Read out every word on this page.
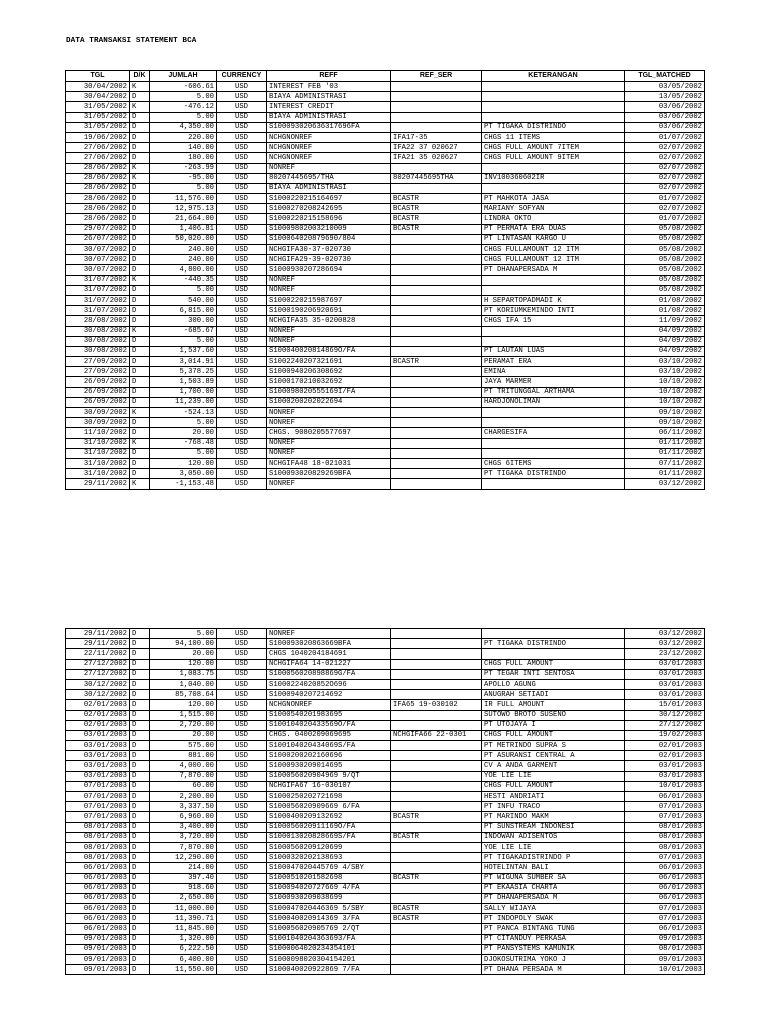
DATA TRANSAKSI STATEMENT BCA
TGL	D/K	JUMLAH	CURRENCY	REFF	REF_SER	KETERANGAN	TGL_MATCHED
30/04/2002	K	-606.61	USD	INTEREST FEB '03			03/05/2002
30/04/2002	D	5.00	USD	BIAYA ADMINISTRASI			13/05/2002
31/05/2002	K	-476.12	USD	INTEREST CREDIT			03/06/2002
31/05/2002	D	5.00	USD	BIAYA ADMINISTRASI			03/06/2002
31/05/2002	D	4,350.00	USD	S100093020636317696FA		PT TIGAKA DISTRINDO	03/06/2002
19/06/2002	D	220.00	USD	NCHGNONREF	IFA17-35	CHGS 11 ITEMS	01/07/2002
27/06/2002	D	140.00	USD	NCHGNONREF	IFA22 37 020627	CHGS FULL AMOUNT 7ITEM	02/07/2002
27/06/2002	D	180.00	USD	NCHGNONREF	IFA21 35 020627	CHGS FULL AMOUNT 9ITEM	02/07/2002
28/06/2002	K	-263.99	USD	NONREF			02/07/2002
28/06/2002	K	-95.00	USD	80207445695/THA	80207445695THA	INV100360602IR	02/07/2002
28/06/2002	D	5.00	USD	BIAYA ADMINISTRASI			02/07/2002
28/06/2002	D	11,576.00	USD	S1000220215164697	BCASTR	PT MAHKOTA JASA	01/07/2002
28/06/2002	D	12,975.13	USD	S1000270208242695	BCASTR	MARIANY SOFYAN	02/07/2002
28/06/2002	D	21,664.00	USD	S1000220215158696	BCASTR	LINDRA OKTO	01/07/2002
29/07/2002	D	1,406.81	USD	S10009802003210009	BCASTR	PT PERMATA ERA DUAS	05/08/2002
26/07/2002	D	50,020.00	USD	S100064020879690/804		PT LINTASAN KARGO U	05/08/2002
30/07/2002	D	240.00	USD	NCHGIFA30-37-020730		CHGS FULLAMOUNT 12 ITM	05/08/2002
30/07/2002	D	240.00	USD	NCHGIFA29-39-020730		CHGS FULLAMOUNT 12 ITM	05/08/2002
30/07/2002	D	4,800.00	USD	S1000930207286694		PT DHANAPERSADA M	05/08/2002
31/07/2002	K	-440.35	USD	NONREF			05/08/2002
31/07/2002	D	5.00	USD	NONREF			05/08/2002
31/07/2002	D	540.00	USD	S1000220215987697		H SEPARTOPADMADI K	01/08/2002
31/07/2002	D	6,815.00	USD	S1000190206920691		PT KORIUMKEMINDO INTI	01/08/2002
28/08/2002	D	300.00	USD	NCHGIFA35 35-0200828		CHGS IFA 15	11/09/2002
30/08/2002	K	-685.67	USD	NONREF			04/09/2002
30/08/2002	D	5.00	USD	NONREF			04/09/2002
30/08/2002	D	1,537.60	USD	S100040020814869O/FA		PT LAUTAN LUAS	04/09/2002
27/09/2002	D	3,014.91	USD	S1002240207321691	BCASTR	PERAMAT ERA	03/10/2002
27/09/2002	D	5,378.25	USD	S1000940206308692		EMINA	03/10/2002
26/09/2002	D	1,503.89	USD	S1000170210032692		JAYA MARMER	10/10/2002
26/09/2002	D	1,700.00	USD	S100098020555169I/FA		PT TRITUNGGAL ARTHAMA	10/10/2002
26/09/2002	D	11,239.00	USD	S1000200202022694		HARDJONOLIMAN	10/10/2002
30/09/2002	K	-524.13	USD	NONREF			09/10/2002
30/09/2002	D	5.00	USD	NONREF			09/10/2002
11/10/2002	D	20.00	USD	CHGS. 9080205577697		CHARGESIFA	06/11/2002
31/10/2002	K	-768.48	USD	NONREF			01/11/2002
31/10/2002	D	5.00	USD	NONREF			01/11/2002
31/10/2002	D	120.00	USD	NCHGIFA48 18-021031		CHGS 6ITEMS	07/11/2002
31/10/2002	D	3,050.00	USD	S100093020829269BFA		PT TIGAKA DISTRINDO	01/11/2002
29/11/2002	K	-1,153.48	USD	NONREF			03/12/2002
29/11/2002	D	5.00	USD	NONREF			03/12/2002
29/11/2002	D	94,100.00	USD	S100093020863669BFA		PT TIGAKA DISTRINDO	03/12/2002
22/11/2002	D	20.00	USD	CHGS 1040204184691			23/12/2002
27/12/2002	D	120.00	USD	NCHGIFA64 14-021227		CHGS FULL AMOUNT	03/01/2003
27/12/2002	D	1,083.75	USD	S100056020898869G/FA		PT TEGAR INTI SENTOSA	03/01/2003
30/12/2002	D	1,040.00	USD	S1000224020852O696		APOLLO AGUNG	03/01/2003
30/12/2002	D	85,708.64	USD	S1000940207214692		ANUGRAH SETIADI	03/01/2003
02/01/2003	D	120.00	USD	NCHGNONREF	IFA65 19-030102	IR FULL AMOUNT	15/01/2003
02/01/2003	D	1,515.00	USD	S1000540201983695		SUTOWO BROTO SUSENO	30/12/2002
02/01/2003	D	2,720.00	USD	S100104020433569O/FA		PT UTOJAYA I	27/12/2002
03/01/2003	D	20.00	USD	CHGS. 0400209069695	NCHGIFA66 22-0301	CHGS FULL AMOUNT	19/02/2003
03/01/2003	D	575.00	USD	S100104020434069S/FA		PT METRINDO SUPRA S	02/01/2003
03/01/2003	D	881.00	USD	S1000200202160696		PT ASURANSI CENTRAL A	02/01/2003
03/01/2003	D	4,000.00	USD	S1000930209014695		CV A ANDA GARMENT	03/01/2003
03/01/2003	D	7,870.00	USD	S100056020904969 9/QT		YOE LIE LIE	03/01/2003
07/01/2003	D	60.00	USD	NCHGIFA67 16-030107		CHGS FULL AMOUNT	10/01/2003
07/01/2003	D	2,200.00	USD	S1000250202721698		HESTI ANDRIATI	06/01/2003
07/01/2003	D	3,337.50	USD	S100056020909669 6/FA		PT INFU TRACO	07/01/2003
07/01/2003	D	6,960.00	USD	S1000400209132692	BCASTR	PT MARINDO MAKM	07/01/2003
08/01/2003	D	3,400.00	USD	S100056020911169O/FA		PT SUNSTREAM INDONESI	08/01/2003
08/01/2003	D	3,720.00	USD	S100013020828669S/FA	BCASTR	INDOWAN ADISENTOS	08/01/2003
08/01/2003	D	7,870.00	USD	S1000560209120699		YOE LIE LIE	08/01/2003
08/01/2003	D	12,290.00	USD	S1000320202138693		PT TIGAKADISTRINDO P	07/01/2003
06/01/2003	D	214.00	USD	S100047020445769 4/SBY		HOTELINTAN BALI	06/01/2003
06/01/2003	D	397.40	USD	S1000510201582698	BCASTR	PT WIGUNA SUMBER SA	06/01/2003
06/01/2003	D	918.60	USD	S100094020727669 4/FA		PT EKAASIA CHARTA	06/01/2003
06/01/2003	D	2,650.00	USD	S1000930209038699		PT DHANAPERSADA M	06/01/2003
06/01/2003	D	11,000.00	USD	S100047020446369 5/SBY	BCASTR	SALLY WIJAYA	07/01/2003
06/01/2003	D	11,390.71	USD	S100040020914369 3/FA	BCASTR	PT INDOPOLY SWAK	07/01/2003
06/01/2003	D	11,845.00	USD	S100056020905769 2/QT		PT PANCA BINTANG TUNG	06/01/2003
09/01/2003	D	1,320.00	USD	S1001040204363693/FA		PT CITANDUY PERKASA	09/01/2003
09/01/2003	D	6,222.50	USD	S1000064020234354101		PT PANSYSTEMS KAMUNIK	08/01/2003
09/01/2003	D	6,400.00	USD	S1000098020304154201		DJOKOSUTRIMA YOKO J	09/01/2003
09/01/2003	D	11,550.00	USD	S100040020922869 7/FA		PT DHANA PERSADA M	10/01/2003
